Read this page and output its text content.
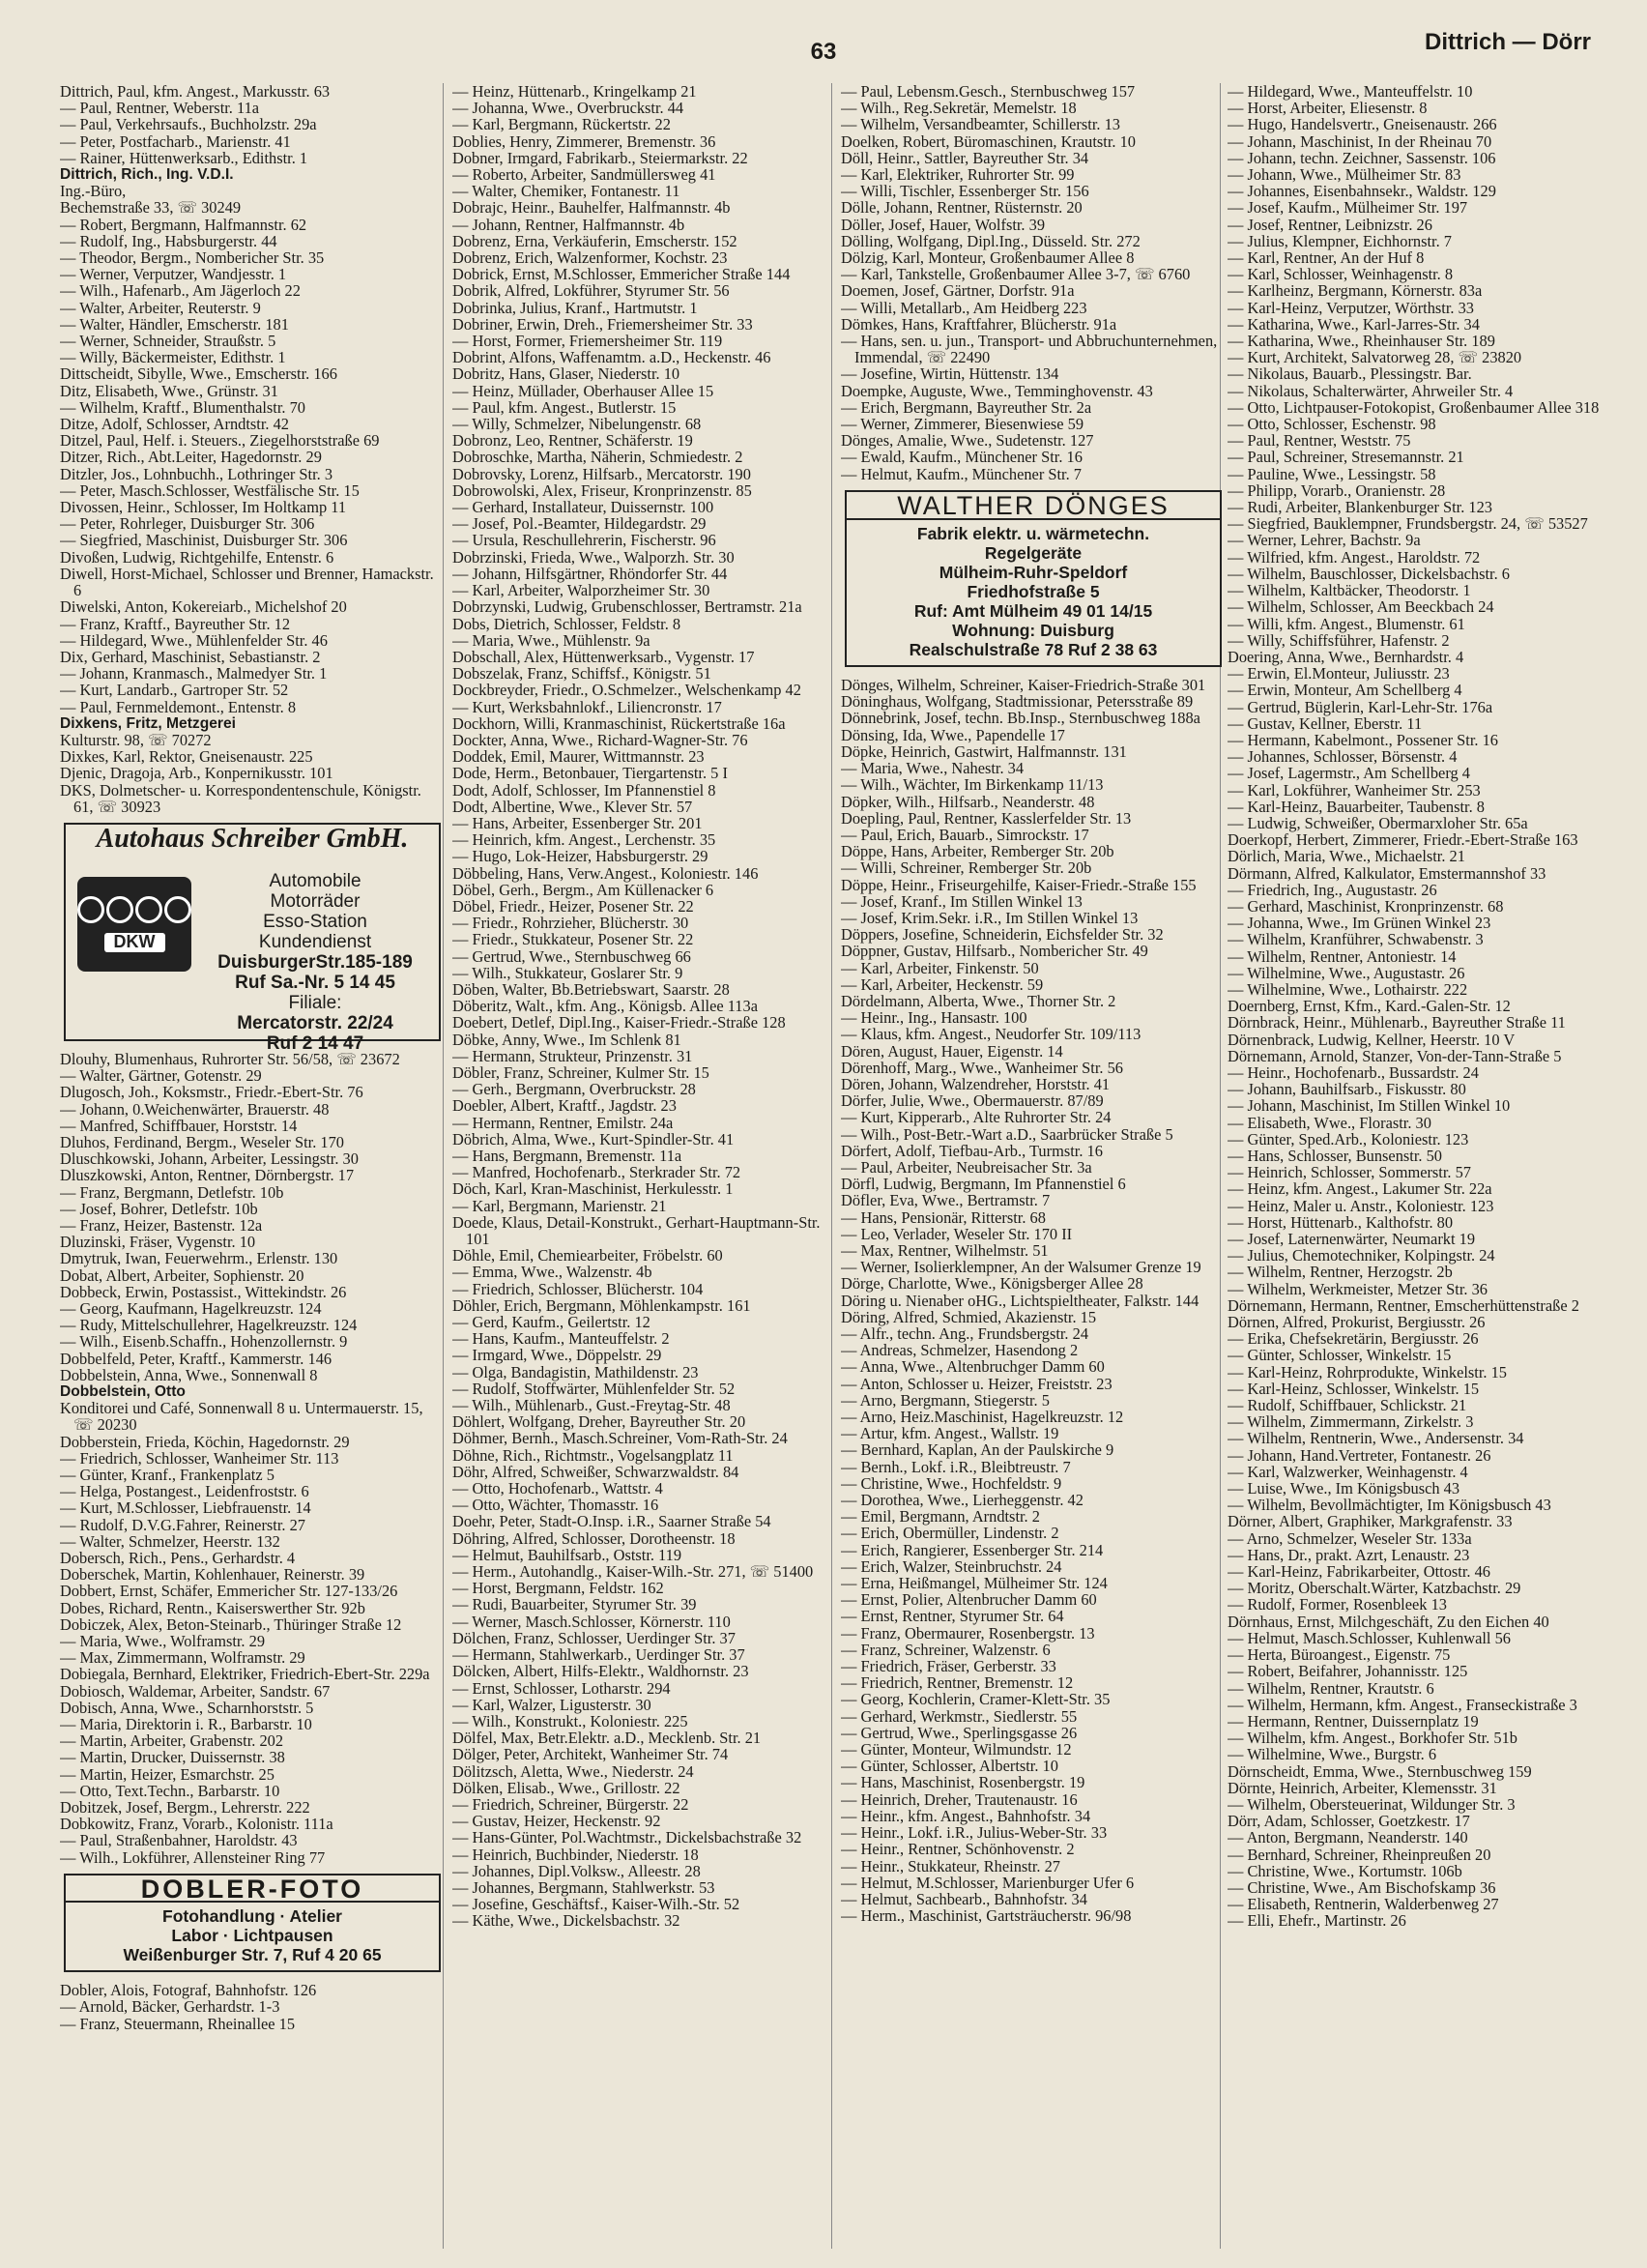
63	Dittrich — Dörr
Dittrich, Paul, kfm. Angest., Markusstr. 63
— Paul, Rentner, Weberstr. 11a
— Paul, Verkehrsaufs., Buchholzstr. 29a
— Peter, Postfacharb., Marienstr. 41
— Rainer, Hüttenwerksarb., Edithstr. 1
Dittrich, Rich., Ing. V.D.I.
Ing.-Büro,
Bechemstraße 33, ☏ 30249
— Robert, Bergmann, Halfmannstr. 62
— Rudolf, Ing., Habsburgerstr. 44
— Theodor, Bergm., Nombericher Str. 35
— Werner, Verputzer, Wandjesstr. 1
— Wilh., Hafenarb., Am Jägerloch 22
— Walter, Arbeiter, Reuterstr. 9
— Walter, Händler, Emscherstr. 181
— Werner, Schneider, Straußstr. 5
— Willy, Bäckermeister, Edithstr. 1
Dittscheidt, Sibylle, Wwe., Emscherstr. 166
Ditz, Elisabeth, Wwe., Grünstr. 31
— Wilhelm, Kraftf., Blumenthalstr. 70
Ditze, Adolf, Schlosser, Arndtstr. 42
Ditzel, Paul, Helf. i. Steuers., Ziegelhorststraße 69
Ditzer, Rich., Abt.Leiter, Hagedornstr. 29
Ditzler, Jos., Lohnbuchh., Lothringer Str. 3
— Peter, Masch.Schlosser, Westfälische Str. 15
Divossen, Heinr., Schlosser, Im Holtkamp 11
— Peter, Rohrleger, Duisburger Str. 306
— Siegfried, Maschinist, Duisburger Str. 306
Divoßen, Ludwig, Richtgehilfe, Entenstr. 6
Diwell, Horst-Michael, Schlosser und Brenner, Hamackstr. 6
Diwelski, Anton, Kokereiarb., Michelshof 20
— Franz, Kraftf., Bayreuther Str. 12
— Hildegard, Wwe., Mühlenfelder Str. 46
Dix, Gerhard, Maschinist, Sebastianstr. 2
— Johann, Kranmasch., Malmedyer Str. 1
— Kurt, Landarb., Gartroper Str. 52
— Paul, Fernmeldemont., Entenstr. 8
Dixkens, Fritz, Metzgerei
Kulturstr. 98, ☏ 70272
Dixkes, Karl, Rektor, Gneisenaustr. 225
Djenic, Dragoja, Arb., Konpernikusstr. 101
DKS, Dolmetscher- u. Korrespondentenschule, Königstr. 61, ☏ 30923
Autohaus Schreiber GmbH.
DKW
Automobile
Motorräder
Esso-Station
Kundendienst
DuisburgerStr.185-189
Ruf Sa.-Nr. 5 14 45
Filiale:
Mercatorstr. 22/24
Ruf 2 14 47
Dlouhy, Blumenhaus, Ruhrorter Str. 56/58, ☏ 23672
— Walter, Gärtner, Gotenstr. 29
Dlugosch, Joh., Koksmstr., Friedr.-Ebert-Str. 76
— Johann, 0.Weichenwärter, Brauerstr. 48
— Manfred, Schiffbauer, Horststr. 14
Dluhos, Ferdinand, Bergm., Weseler Str. 170
Dluschkowski, Johann, Arbeiter, Lessingstr. 30
Dluszkowski, Anton, Rentner, Dörnbergstr. 17
— Franz, Bergmann, Detlefstr. 10b
— Josef, Bohrer, Detlefstr. 10b
— Franz, Heizer, Bastenstr. 12a
Dluzinski, Fräser, Vygenstr. 10
Dmytruk, Iwan, Feuerwehrm., Erlenstr. 130
Dobat, Albert, Arbeiter, Sophienstr. 20
Dobbeck, Erwin, Postassist., Wittekindstr. 26
— Georg, Kaufmann, Hagelkreuzstr. 124
— Rudy, Mittelschullehrer, Hagelkreuzstr. 124
— Wilh., Eisenb.Schaffn., Hohenzollernstr. 9
Dobbelfeld, Peter, Kraftf., Kammerstr. 146
Dobbelstein, Anna, Wwe., Sonnenwall 8
Dobbelstein, Otto
Konditorei und Café, Sonnenwall 8 u. Untermauerstr. 15, ☏ 20230
Dobberstein, Frieda, Köchin, Hagedornstr. 29
— Friedrich, Schlosser, Wanheimer Str. 113
— Günter, Kranf., Frankenplatz 5
— Helga, Postangest., Leidenfroststr. 6
— Kurt, M.Schlosser, Liebfrauenstr. 14
— Rudolf, D.V.G.Fahrer, Reinerstr. 27
— Walter, Schmelzer, Heerstr. 132
Dobersch, Rich., Pens., Gerhardstr. 4
Doberschek, Martin, Kohlenhauer, Reinerstr. 39
Dobbert, Ernst, Schäfer, Emmericher Str. 127-133/26
Dobes, Richard, Rentn., Kaiserswerther Str. 92b
Dobiczek, Alex, Beton-Steinarb., Thüringer Straße 12
— Maria, Wwe., Wolframstr. 29
— Max, Zimmermann, Wolframstr. 29
Dobiegala, Bernhard, Elektriker, Friedrich-Ebert-Str. 229a
Dobiosch, Waldemar, Arbeiter, Sandstr. 67
Dobisch, Anna, Wwe., Scharnhorststr. 5
— Maria, Direktorin i. R., Barbarstr. 10
— Martin, Arbeiter, Grabenstr. 202
— Martin, Drucker, Duissernstr. 38
— Martin, Heizer, Esmarchstr. 25
— Otto, Text.Techn., Barbarstr. 10
Dobitzek, Josef, Bergm., Lehrerstr. 222
Dobkowitz, Franz, Vorarb., Kolonistr. 111a
— Paul, Straßenbahner, Haroldstr. 43
— Wilh., Lokführer, Allensteiner Ring 77
DOBLER-FOTO
Fotohandlung · Atelier
Labor · Lichtpausen
Weißenburger Str. 7, Ruf 4 20 65
Dobler, Alois, Fotograf, Bahnhofstr. 126
— Arnold, Bäcker, Gerhardstr. 1-3
— Franz, Steuermann, Rheinallee 15
— Heinz, Hüttenarb., Kringelkamp 21
— Johanna, Wwe., Overbruckstr. 44
— Karl, Bergmann, Rückertstr. 22
Doblies, Henry, Zimmerer, Bremenstr. 36
Dobner, Irmgard, Fabrikarb., Steiermarkstr. 22
— Roberto, Arbeiter, Sandmüllersweg 41
— Walter, Chemiker, Fontanestr. 11
Dobrajc, Heinr., Bauhelfer, Halfmannstr. 4b
— Johann, Rentner, Halfmannstr. 4b
Dobrenz, Erna, Verkäuferin, Emscherstr. 152
Dobrenz, Erich, Walzenformer, Kochstr. 23
Dobrick, Ernst, M.Schlosser, Emmericher Straße 144
Dobrik, Alfred, Lokführer, Styrumer Str. 56
Dobrinka, Julius, Kranf., Hartmutstr. 1
Dobriner, Erwin, Dreh., Friemersheimer Str. 33
— Horst, Former, Friemersheimer Str. 119
Dobrint, Alfons, Waffenamtm. a.D., Heckenstr. 46
Dobritz, Hans, Glaser, Niederstr. 10
— Heinz, Müllader, Oberhauser Allee 15
— Paul, kfm. Angest., Butlerstr. 15
— Willy, Schmelzer, Nibelungenstr. 68
Dobronz, Leo, Rentner, Schäferstr. 19
Dobroschke, Martha, Näherin, Schmiedestr. 2
Dobrovsky, Lorenz, Hilfsarb., Mercatorstr. 190
Dobrowolski, Alex, Friseur, Kronprinzenstr. 85
— Gerhard, Installateur, Duissernstr. 100
— Josef, Pol.-Beamter, Hildegardstr. 29
— Ursula, Reschullehrerin, Fischerstr. 96
Dobrzinski, Frieda, Wwe., Walporzh. Str. 30
— Johann, Hilfsgärtner, Rhöndorfer Str. 44
— Karl, Arbeiter, Walporzheimer Str. 30
Dobrzynski, Ludwig, Grubenschlosser, Bertramstr. 21a
Dobs, Dietrich, Schlosser, Feldstr. 8
— Maria, Wwe., Mühlenstr. 9a
Dobschall, Alex, Hüttenwerksarb., Vygenstr. 17
Dobszelak, Franz, Schiffsf., Königstr. 51
Dockbreyder, Friedr., O.Schmelzer., Welschenkamp 42
— Kurt, Werksbahnlokf., Liliencronstr. 17
Dockhorn, Willi, Kranmaschinist, Rückertstraße 16a
Dockter, Anna, Wwe., Richard-Wagner-Str. 76
Doddek, Emil, Maurer, Wittmannstr. 23
Dode, Herm., Betonbauer, Tiergartenstr. 5 I
Dodt, Adolf, Schlosser, Im Pfannenstiel 8
Dodt, Albertine, Wwe., Klever Str. 57
— Hans, Arbeiter, Essenberger Str. 201
— Heinrich, kfm. Angest., Lerchenstr. 35
— Hugo, Lok-Heizer, Habsburgerstr. 29
Döbbeling, Hans, Verw.Angest., Koloniestr. 146
Döbel, Gerh., Bergm., Am Küllenacker 6
Döbel, Friedr., Heizer, Posener Str. 22
— Friedr., Rohrzieher, Blücherstr. 30
— Friedr., Stukkateur, Posener Str. 22
— Gertrud, Wwe., Sternbuschweg 66
— Wilh., Stukkateur, Goslarer Str. 9
Döben, Walter, Bb.Betriebswart, Saarstr. 28
Döberitz, Walt., kfm. Ang., Königsb. Allee 113a
Doebert, Detlef, Dipl.Ing., Kaiser-Friedr.-Straße 128
Döbke, Anny, Wwe., Im Schlenk 81
— Hermann, Strukteur, Prinzenstr. 31
Döbler, Franz, Schreiner, Kulmer Str. 15
— Gerh., Bergmann, Overbruckstr. 28
Doebler, Albert, Kraftf., Jagdstr. 23
— Hermann, Rentner, Emilstr. 24a
Döbrich, Alma, Wwe., Kurt-Spindler-Str. 41
— Hans, Bergmann, Bremenstr. 11a
— Manfred, Hochofenarb., Sterkrader Str. 72
Döch, Karl, Kran-Maschinist, Herkulesstr. 1
— Karl, Bergmann, Marienstr. 21
Doede, Klaus, Detail-Konstrukt., Gerhart-Hauptmann-Str. 101
Döhle, Emil, Chemiearbeiter, Fröbelstr. 60
— Emma, Wwe., Walzenstr. 4b
— Friedrich, Schlosser, Blücherstr. 104
Döhler, Erich, Bergmann, Möhlenkampstr. 161
— Gerd, Kaufm., Geilertstr. 12
— Hans, Kaufm., Manteuffelstr. 2
— Irmgard, Wwe., Döppelstr. 29
— Olga, Bandagistin, Mathildenstr. 23
— Rudolf, Stoffwärter, Mühlenfelder Str. 52
— Wilh., Mühlenarb., Gust.-Freytag-Str. 48
Döhlert, Wolfgang, Dreher, Bayreuther Str. 20
Döhmer, Bernh., Masch.Schreiner, Vom-Rath-Str. 24
Döhne, Rich., Richtmstr., Vogelsangplatz 11
Döhr, Alfred, Schweißer, Schwarzwaldstr. 84
— Otto, Hochofenarb., Wattstr. 4
— Otto, Wächter, Thomasstr. 16
Doehr, Peter, Stadt-O.Insp. i.R., Saarner Straße 54
Döhring, Alfred, Schlosser, Dorotheenstr. 18
— Helmut, Bauhilfsarb., Oststr. 119
— Herm., Autohandlg., Kaiser-Wilh.-Str. 271, ☏ 51400
— Horst, Bergmann, Feldstr. 162
— Rudi, Bauarbeiter, Styrumer Str. 39
— Werner, Masch.Schlosser, Körnerstr. 110
Dölchen, Franz, Schlosser, Uerdinger Str. 37
— Hermann, Stahlwerkarb., Uerdinger Str. 37
Dölcken, Albert, Hilfs-Elektr., Waldhornstr. 23
— Ernst, Schlosser, Lotharstr. 294
— Karl, Walzer, Ligusterstr. 30
— Wilh., Konstrukt., Koloniestr. 225
Dölfel, Max, Betr.Elektr. a.D., Mecklenb. Str. 21
Dölger, Peter, Architekt, Wanheimer Str. 74
Dölitzsch, Aletta, Wwe., Niederstr. 24
Dölken, Elisab., Wwe., Grillostr. 22
— Friedrich, Schreiner, Bürgerstr. 22
— Gustav, Heizer, Heckenstr. 92
— Hans-Günter, Pol.Wachtmstr., Dickelsbachstraße 32
— Heinrich, Buchbinder, Niederstr. 18
— Johannes, Dipl.Volksw., Alleestr. 28
— Johannes, Bergmann, Stahlwerkstr. 53
— Josefine, Geschäftsf., Kaiser-Wilh.-Str. 52
— Käthe, Wwe., Dickelsbachstr. 32
— Paul, Lebensm.Gesch., Sternbuschweg 157
— Wilh., Reg.Sekretär, Memelstr. 18
— Wilhelm, Versandbeamter, Schillerstr. 13
Doelken, Robert, Büromaschinen, Krautstr. 10
Döll, Heinr., Sattler, Bayreuther Str. 34
— Karl, Elektriker, Ruhrorter Str. 99
— Willi, Tischler, Essenberger Str. 156
Dölle, Johann, Rentner, Rüsternstr. 20
Döller, Josef, Hauer, Wolfstr. 39
Dölling, Wolfgang, Dipl.Ing., Düsseld. Str. 272
Dölzig, Karl, Monteur, Großenbaumer Allee 8
— Karl, Tankstelle, Großenbaumer Allee 3-7, ☏ 6760
Doemen, Josef, Gärtner, Dorfstr. 91a
— Willi, Metallarb., Am Heidberg 223
Dömkes, Hans, Kraftfahrer, Blücherstr. 91a
— Hans, sen. u. jun., Transport- und Abbruchunternehmen, Immendal, ☏ 22490
— Josefine, Wirtin, Hüttenstr. 134
Doempke, Auguste, Wwe., Temminghovenstr. 43
— Erich, Bergmann, Bayreuther Str. 2a
— Werner, Zimmerer, Biesenwiese 59
Dönges, Amalie, Wwe., Sudetenstr. 127
— Ewald, Kaufm., Münchener Str. 16
— Helmut, Kaufm., Münchener Str. 7
WALTHER DÖNGES
Fabrik elektr. u. wärmetechn.
Regelgeräte
Mülheim-Ruhr-Speldorf
Friedhofstraße 5
Ruf: Amt Mülheim 49 01 14/15
Wohnung: Duisburg
Realschulstraße 78 Ruf 2 38 63
Dönges, Wilhelm, Schreiner, Kaiser-Friedrich-Straße 301
Döninghaus, Wolfgang, Stadtmissionar, Petersstraße 89
Dönnebrink, Josef, techn. Bb.Insp., Sternbuschweg 188a
Dönsing, Ida, Wwe., Papendelle 17
Döpke, Heinrich, Gastwirt, Halfmannstr. 131
— Maria, Wwe., Nahestr. 34
— Wilh., Wächter, Im Birkenkamp 11/13
Döpker, Wilh., Hilfsarb., Neanderstr. 48
Doepling, Paul, Rentner, Kasslerfelder Str. 13
— Paul, Erich, Bauarb., Simrockstr. 17
Döppe, Hans, Arbeiter, Remberger Str. 20b
— Willi, Schreiner, Remberger Str. 20b
Döppe, Heinr., Friseurgehilfe, Kaiser-Friedr.-Straße 155
— Josef, Kranf., Im Stillen Winkel 13
— Josef, Krim.Sekr. i.R., Im Stillen Winkel 13
Döppers, Josefine, Schneiderin, Eichsfelder Str. 32
Döppner, Gustav, Hilfsarb., Nombericher Str. 49
— Karl, Arbeiter, Finkenstr. 50
— Karl, Arbeiter, Heckenstr. 59
Dördelmann, Alberta, Wwe., Thorner Str. 2
— Heinr., Ing., Hansastr. 100
— Klaus, kfm. Angest., Neudorfer Str. 109/113
Dören, August, Hauer, Eigenstr. 14
Dörenhoff, Marg., Wwe., Wanheimer Str. 56
Dören, Johann, Walzendreher, Horststr. 41
Dörfer, Julie, Wwe., Obermauerstr. 87/89
— Kurt, Kipperarb., Alte Ruhrorter Str. 24
— Wilh., Post-Betr.-Wart a.D., Saarbrücker Straße 5
Dörfert, Adolf, Tiefbau-Arb., Turmstr. 16
— Paul, Arbeiter, Neubreisacher Str. 3a
Dörfl, Ludwig, Bergmann, Im Pfannenstiel 6
Döfler, Eva, Wwe., Bertramstr. 7
— Hans, Pensionär, Ritterstr. 68
— Leo, Verlader, Weseler Str. 170 II
— Max, Rentner, Wilhelmstr. 51
— Werner, Isolierklempner, An der Walsumer Grenze 19
Dörge, Charlotte, Wwe., Königsberger Allee 28
Döring u. Nienaber oHG., Lichtspieltheater, Falkstr. 144
Döring, Alfred, Schmied, Akazienstr. 15
— Alfr., techn. Ang., Frundsbergstr. 24
— Andreas, Schmelzer, Hasendong 2
— Anna, Wwe., Altenbruchger Damm 60
— Anton, Schlosser u. Heizer, Freiststr. 23
— Arno, Bergmann, Stiegerstr. 5
— Arno, Heiz.Maschinist, Hagelkreuzstr. 12
— Artur, kfm. Angest., Wallstr. 19
— Bernhard, Kaplan, An der Paulskirche 9
— Bernh., Lokf. i.R., Bleibtreustr. 7
— Christine, Wwe., Hochfeldstr. 9
— Dorothea, Wwe., Lierheggenstr. 42
— Emil, Bergmann, Arndtstr. 2
— Erich, Obermüller, Lindenstr. 2
— Erich, Rangierer, Essenberger Str. 214
— Erich, Walzer, Steinbruchstr. 24
— Erna, Heißmangel, Mülheimer Str. 124
— Ernst, Polier, Altenbrucher Damm 60
— Ernst, Rentner, Styrumer Str. 64
— Franz, Obermaurer, Rosenbergstr. 13
— Franz, Schreiner, Walzenstr. 6
— Friedrich, Fräser, Gerberstr. 33
— Friedrich, Rentner, Bremenstr. 12
— Georg, Kochlerin, Cramer-Klett-Str. 35
— Gerhard, Werkmstr., Siedlerstr. 55
— Gertrud, Wwe., Sperlingsgasse 26
— Günter, Monteur, Wilmundstr. 12
— Günter, Schlosser, Albertstr. 10
— Hans, Maschinist, Rosenbergstr. 19
— Heinrich, Dreher, Trautenaustr. 16
— Heinr., kfm. Angest., Bahnhofstr. 34
— Heinr., Lokf. i.R., Julius-Weber-Str. 33
— Heinr., Rentner, Schönhovenstr. 2
— Heinr., Stukkateur, Rheinstr. 27
— Helmut, M.Schlosser, Marienburger Ufer 6
— Helmut, Sachbearb., Bahnhofstr. 34
— Herm., Maschinist, Gartsträucherstr. 96/98
— Hildegard, Wwe., Manteuffelstr. 10
— Horst, Arbeiter, Eliesenstr. 8
— Hugo, Handelsvertr., Gneisenaustr. 266
— Johann, Maschinist, In der Rheinau 70
— Johann, techn. Zeichner, Sassenstr. 106
— Johann, Wwe., Mülheimer Str. 83
— Johannes, Eisenbahnsekr., Waldstr. 129
— Josef, Kaufm., Mülheimer Str. 197
— Josef, Rentner, Leibnizstr. 26
— Julius, Klempner, Eichhornstr. 7
— Karl, Rentner, An der Huf 8
— Karl, Schlosser, Weinhagenstr. 8
— Karlheinz, Bergmann, Körnerstr. 83a
— Karl-Heinz, Verputzer, Wörthstr. 33
— Katharina, Wwe., Karl-Jarres-Str. 34
— Katharina, Wwe., Rheinhauser Str. 189
— Kurt, Architekt, Salvatorweg 28, ☏ 23820
— Nikolaus, Bauarb., Plessingstr. Bar.
— Nikolaus, Schalterwärter, Ahrweiler Str. 4
— Otto, Lichtpauser-Fotokopist, Großenbaumer Allee 318
— Otto, Schlosser, Eschenstr. 98
— Paul, Rentner, Weststr. 75
— Paul, Schreiner, Stresemannstr. 21
— Pauline, Wwe., Lessingstr. 58
— Philipp, Vorarb., Oranienstr. 28
— Rudi, Arbeiter, Blankenburger Str. 123
— Siegfried, Bauklempner, Frundsbergstr. 24, ☏ 53527
— Werner, Lehrer, Bachstr. 9a
— Wilfried, kfm. Angest., Haroldstr. 72
— Wilhelm, Bauschlosser, Dickelsbachstr. 6
— Wilhelm, Kaltbäcker, Theodorstr. 1
— Wilhelm, Schlosser, Am Beeckbach 24
— Willi, kfm. Angest., Blumenstr. 61
— Willy, Schiffsführer, Hafenstr. 2
Doering, Anna, Wwe., Bernhardstr. 4
— Erwin, El.Monteur, Juliusstr. 23
— Erwin, Monteur, Am Schellberg 4
— Gertrud, Büglerin, Karl-Lehr-Str. 176a
— Gustav, Kellner, Eberstr. 11
— Hermann, Kabelmont., Possener Str. 16
— Johannes, Schlosser, Börsenstr. 4
— Josef, Lagermstr., Am Schellberg 4
— Karl, Lokführer, Wanheimer Str. 253
— Karl-Heinz, Bauarbeiter, Taubenstr. 8
— Ludwig, Schweißer, Obermarxloher Str. 65a
Doerkopf, Herbert, Zimmerer, Friedr.-Ebert-Straße 163
Dörlich, Maria, Wwe., Michaelstr. 21
Dörmann, Alfred, Kalkulator, Emstermannshof 33
— Friedrich, Ing., Augustastr. 26
— Gerhard, Maschinist, Kronprinzenstr. 68
— Johanna, Wwe., Im Grünen Winkel 23
— Wilhelm, Kranführer, Schwabenstr. 3
— Wilhelm, Rentner, Antoniestr. 14
— Wilhelmine, Wwe., Augustastr. 26
— Wilhelmine, Wwe., Lothairstr. 222
Doernberg, Ernst, Kfm., Kard.-Galen-Str. 12
Dörnbrack, Heinr., Mühlenarb., Bayreuther Straße 11
Dörnenbrack, Ludwig, Kellner, Heerstr. 10 V
Dörnemann, Arnold, Stanzer, Von-der-Tann-Straße 5
— Heinr., Hochofenarb., Bussardstr. 24
— Johann, Bauhilfsarb., Fiskusstr. 80
— Johann, Maschinist, Im Stillen Winkel 10
— Elisabeth, Wwe., Florastr. 30
— Günter, Sped.Arb., Koloniestr. 123
— Hans, Schlosser, Bunsenstr. 50
— Heinrich, Schlosser, Sommerstr. 57
— Heinz, kfm. Angest., Lakumer Str. 22a
— Heinz, Maler u. Anstr., Koloniestr. 123
— Horst, Hüttenarb., Kalthofstr. 80
— Josef, Laternenwärter, Neumarkt 19
— Julius, Chemotechniker, Kolpingstr. 24
— Wilhelm, Rentner, Herzogstr. 2b
— Wilhelm, Werkmeister, Metzer Str. 36
Dörnemann, Hermann, Rentner, Emscherhüttenstraße 2
Dörnen, Alfred, Prokurist, Bergiusstr. 26
— Erika, Chefsekretärin, Bergiusstr. 26
— Günter, Schlosser, Winkelstr. 15
— Karl-Heinz, Rohrprodukte, Winkelstr. 15
— Karl-Heinz, Schlosser, Winkelstr. 15
— Rudolf, Schiffbauer, Schlickstr. 21
— Wilhelm, Zimmermann, Zirkelstr. 3
— Wilhelm, Rentnerin, Wwe., Andersenstr. 34
— Johann, Hand.Vertreter, Fontanestr. 26
— Karl, Walzwerker, Weinhagenstr. 4
— Luise, Wwe., Im Königsbusch 43
— Wilhelm, Bevollmächtigter, Im Königsbusch 43
Dörner, Albert, Graphiker, Markgrafenstr. 33
— Arno, Schmelzer, Weseler Str. 133a
— Hans, Dr., prakt. Azrt, Lenaustr. 23
— Karl-Heinz, Fabrikarbeiter, Ottostr. 46
— Moritz, Oberschalt.Wärter, Katzbachstr. 29
— Rudolf, Former, Rosenbleek 13
Dörnhaus, Ernst, Milchgeschäft, Zu den Eichen 40
— Helmut, Masch.Schlosser, Kuhlenwall 56
— Herta, Büroangest., Eigenstr. 75
— Robert, Beifahrer, Johannisstr. 125
— Wilhelm, Rentner, Krautstr. 6
— Wilhelm, Hermann, kfm. Angest., Franseckistraße 3
— Hermann, Rentner, Duissernplatz 19
— Wilhelm, kfm. Angest., Borkhofer Str. 51b
— Wilhelmine, Wwe., Burgstr. 6
Dörnscheidt, Emma, Wwe., Sternbuschweg 159
Dörnte, Heinrich, Arbeiter, Klemensstr. 31
— Wilhelm, Obersteuerinat, Wildunger Str. 3
Dörr, Adam, Schlosser, Goetzkestr. 17
— Anton, Bergmann, Neanderstr. 140
— Bernhard, Schreiner, Rheinpreußen 20
— Christine, Wwe., Kortumstr. 106b
— Christine, Wwe., Am Bischofskamp 36
— Elisabeth, Rentnerin, Walderbenweg 27
— Elli, Ehefr., Martinstr. 26
